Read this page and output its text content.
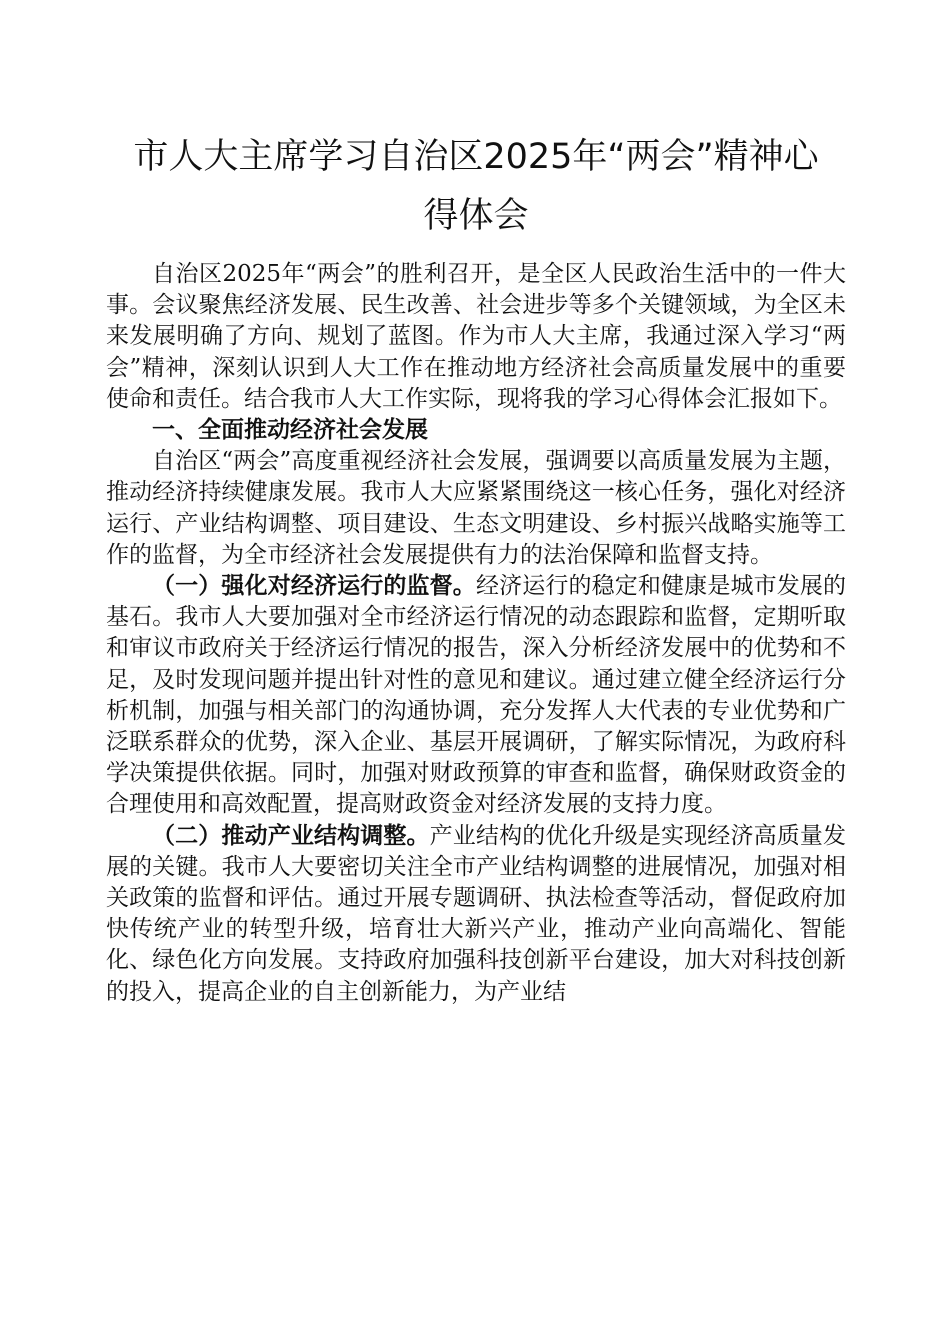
市人大主席学习自治区2025年“两会”精神心
得体会

自治区2025年“两会”的胜利召开，是全区人民政治生活中的一件大事。会议聚焦经济发展、民生改善、社会进步等多个关键领域，为全区未来发展明确了方向、规划了蓝图。作为市人大主席，我通过深入学习“两会”精神，深刻认识到人大工作在推动地方经济社会高质量发展中的重要使命和责任。结合我市人大工作实际，现将我的学习心得体会汇报如下。

一、全面推动经济社会发展

自治区“两会”高度重视经济社会发展，强调要以高质量发展为主题，推动经济持续健康发展。我市人大应紧紧围绕这一核心任务，强化对经济运行、产业结构调整、项目建设、生态文明建设、乡村振兴战略实施等工作的监督，为全市经济社会发展提供有力的法治保障和监督支持。

（一）强化对经济运行的监督。经济运行的稳定和健康是城市发展的基石。我市人大要加强对全市经济运行情况的动态跟踪和监督，定期听取和审议市政府关于经济运行情况的报告，深入分析经济发展中的优势和不足，及时发现问题并提出针对性的意见和建议。通过建立健全经济运行分析机制，加强与相关部门的沟通协调，充分发挥人大代表的专业优势和广泛联系群众的优势，深入企业、基层开展调研，了解实际情况，为政府科学决策提供依据。同时，加强对财政预算的审查和监督，确保财政资金的合理使用和高效配置，提高财政资金对经济发展的支持力度。

（二）推动产业结构调整。产业结构的优化升级是实现经济高质量发展的关键。我市人大要密切关注全市产业结构调整的进展情况，加强对相关政策的监督和评估。通过开展专题调研、执法检查等活动，督促政府加快传统产业的转型升级，培育壮大新兴产业，推动产业向高端化、智能化、绿色化方向发展。支持政府加强科技创新平台建设，加大对科技创新的投入，提高企业的自主创新能力，为产业结
